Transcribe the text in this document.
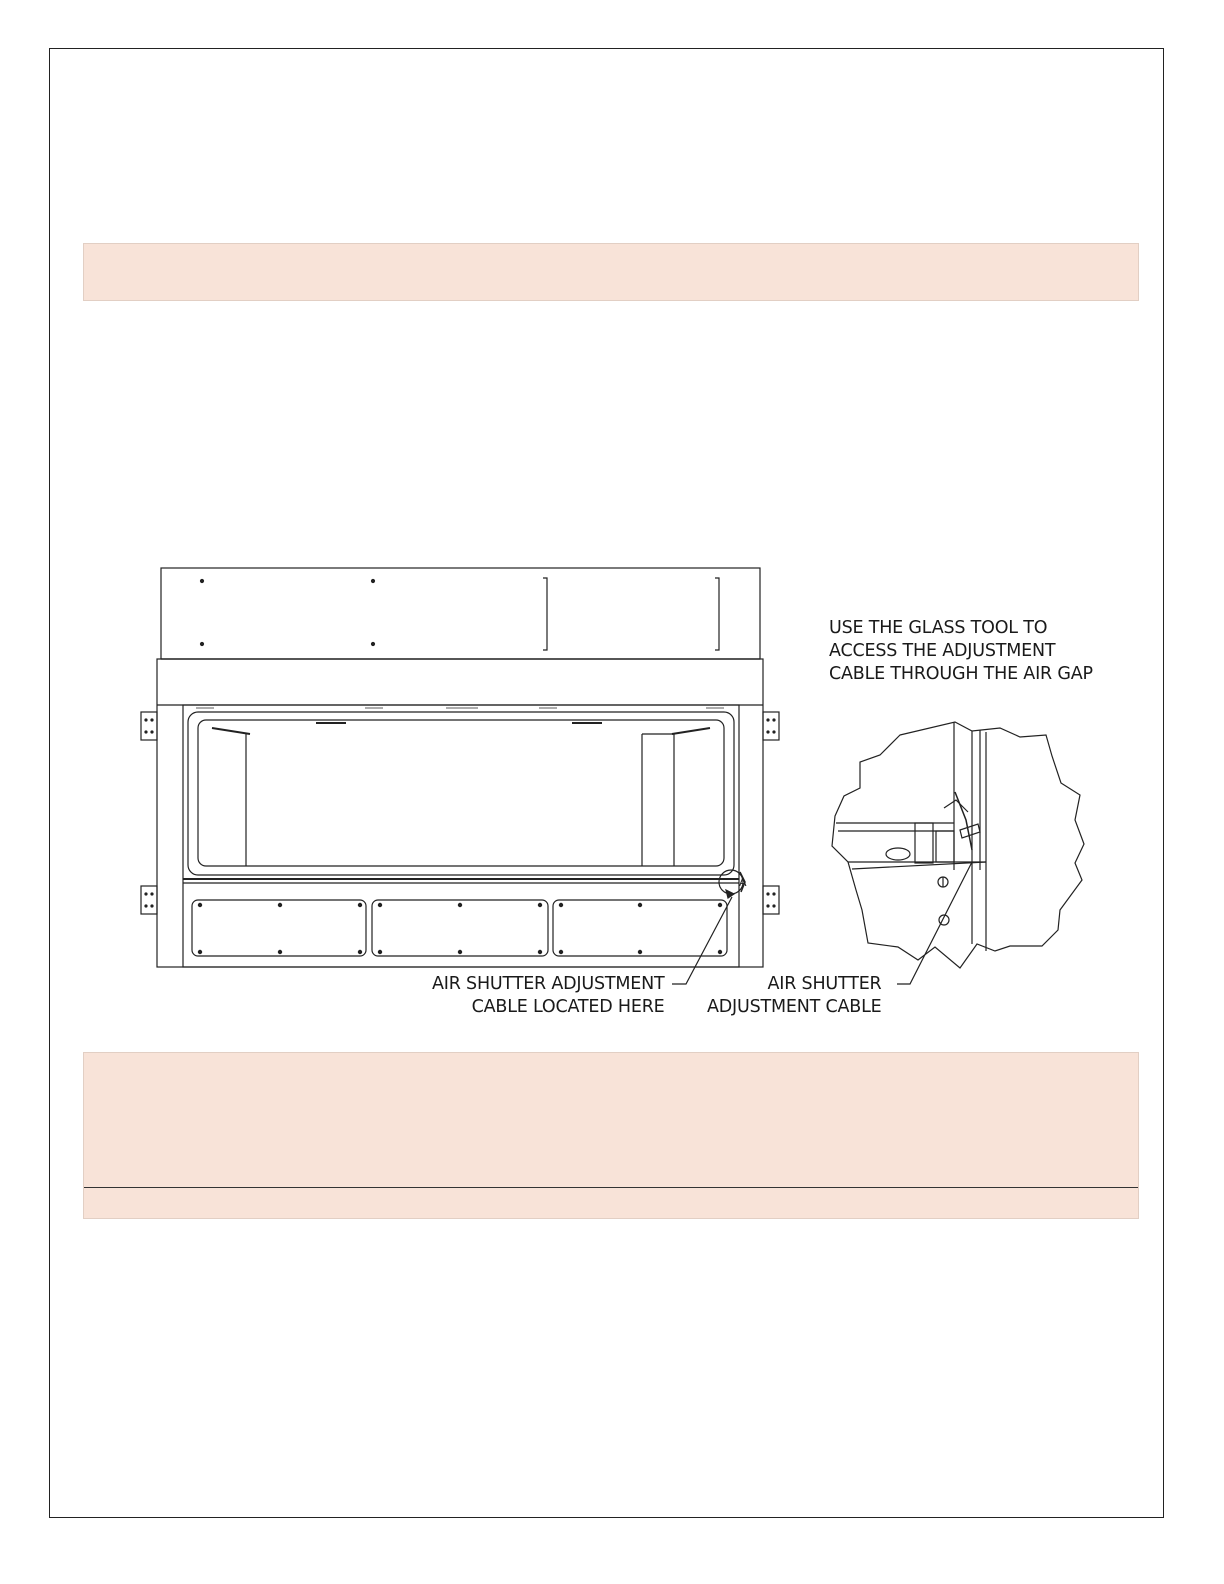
USE THE GLASS TOOL TO
ACCESS THE ADJUSTMENT
CABLE THROUGH THE AIR GAP
AIR SHUTTER ADJUSTMENT
CABLE LOCATED HERE
AIR SHUTTER
ADJUSTMENT CABLE
A
